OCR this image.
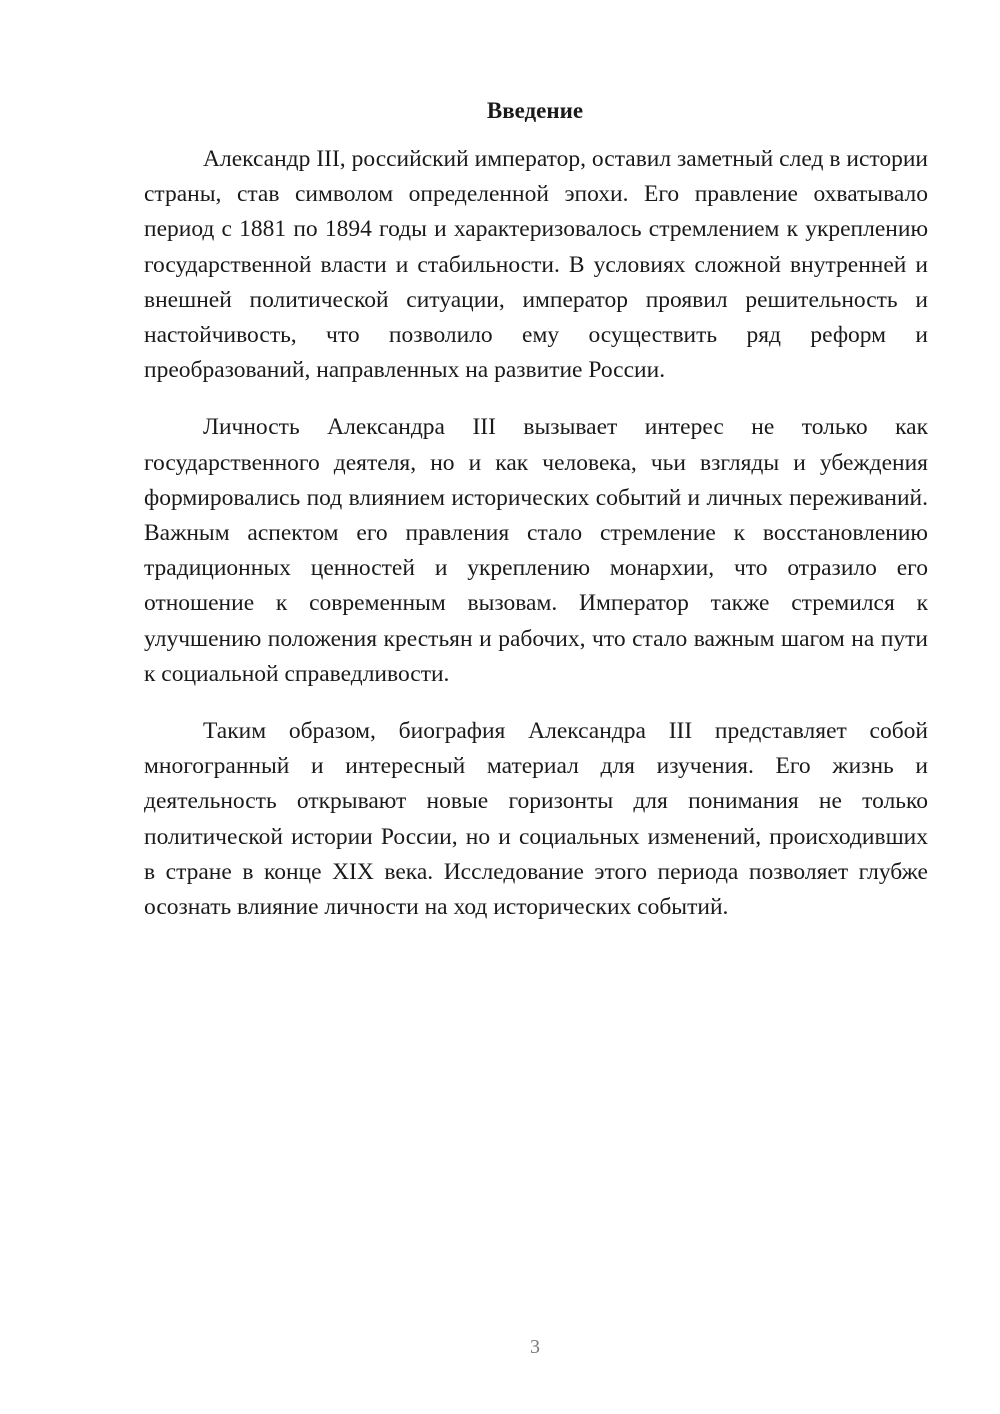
Введение

Александр III, российский император, оставил заметный след в истории страны, став символом определенной эпохи. Его правление охватывало период с 1881 по 1894 годы и характеризовалось стремлением к укреплению государственной власти и стабильности. В условиях сложной внутренней и внешней политической ситуации, император проявил решительность и настойчивость, что позволило ему осуществить ряд реформ и преобразований, направленных на развитие России.

Личность Александра III вызывает интерес не только как государственного деятеля, но и как человека, чьи взгляды и убеждения формировались под влиянием исторических событий и личных переживаний. Важным аспектом его правления стало стремление к восстановлению традиционных ценностей и укреплению монархии, что отразило его отношение к современным вызовам. Император также стремился к улучшению положения крестьян и рабочих, что стало важным шагом на пути к социальной справедливости.

Таким образом, биография Александра III представляет собой многогранный и интересный материал для изучения. Его жизнь и деятельность открывают новые горизонты для понимания не только политической истории России, но и социальных изменений, происходивших в стране в конце XIX века. Исследование этого периода позволяет глубже осознать влияние личности на ход исторических событий.

3
